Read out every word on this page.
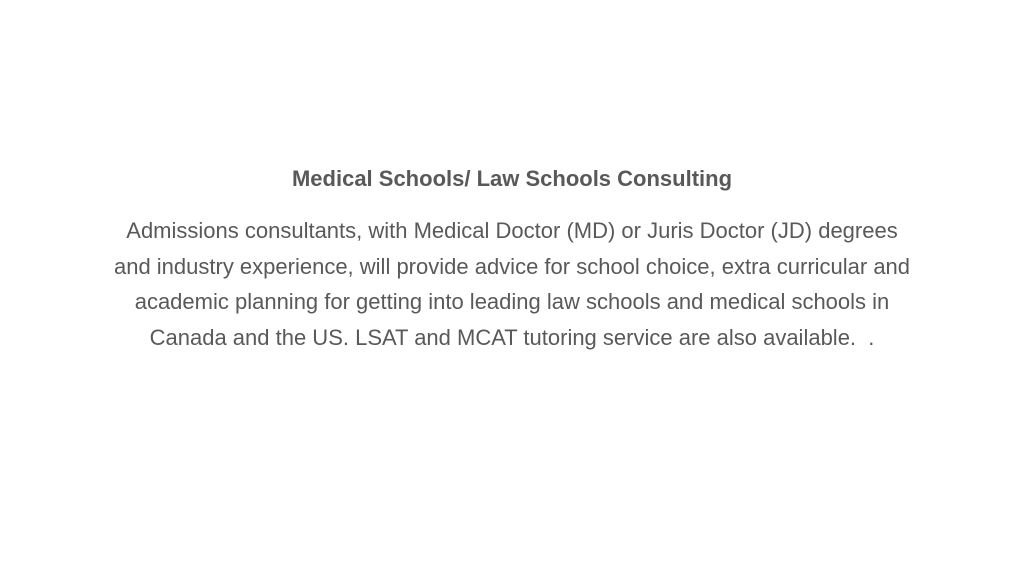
Medical Schools/ Law Schools Consulting

Admissions consultants, with Medical Doctor (MD) or Juris Doctor (JD) degrees
and industry experience, will provide advice for school choice, extra curricular and
academic planning for getting into leading law schools and medical schools in
Canada and the US. LSAT and MCAT tutoring service are also available.  .
